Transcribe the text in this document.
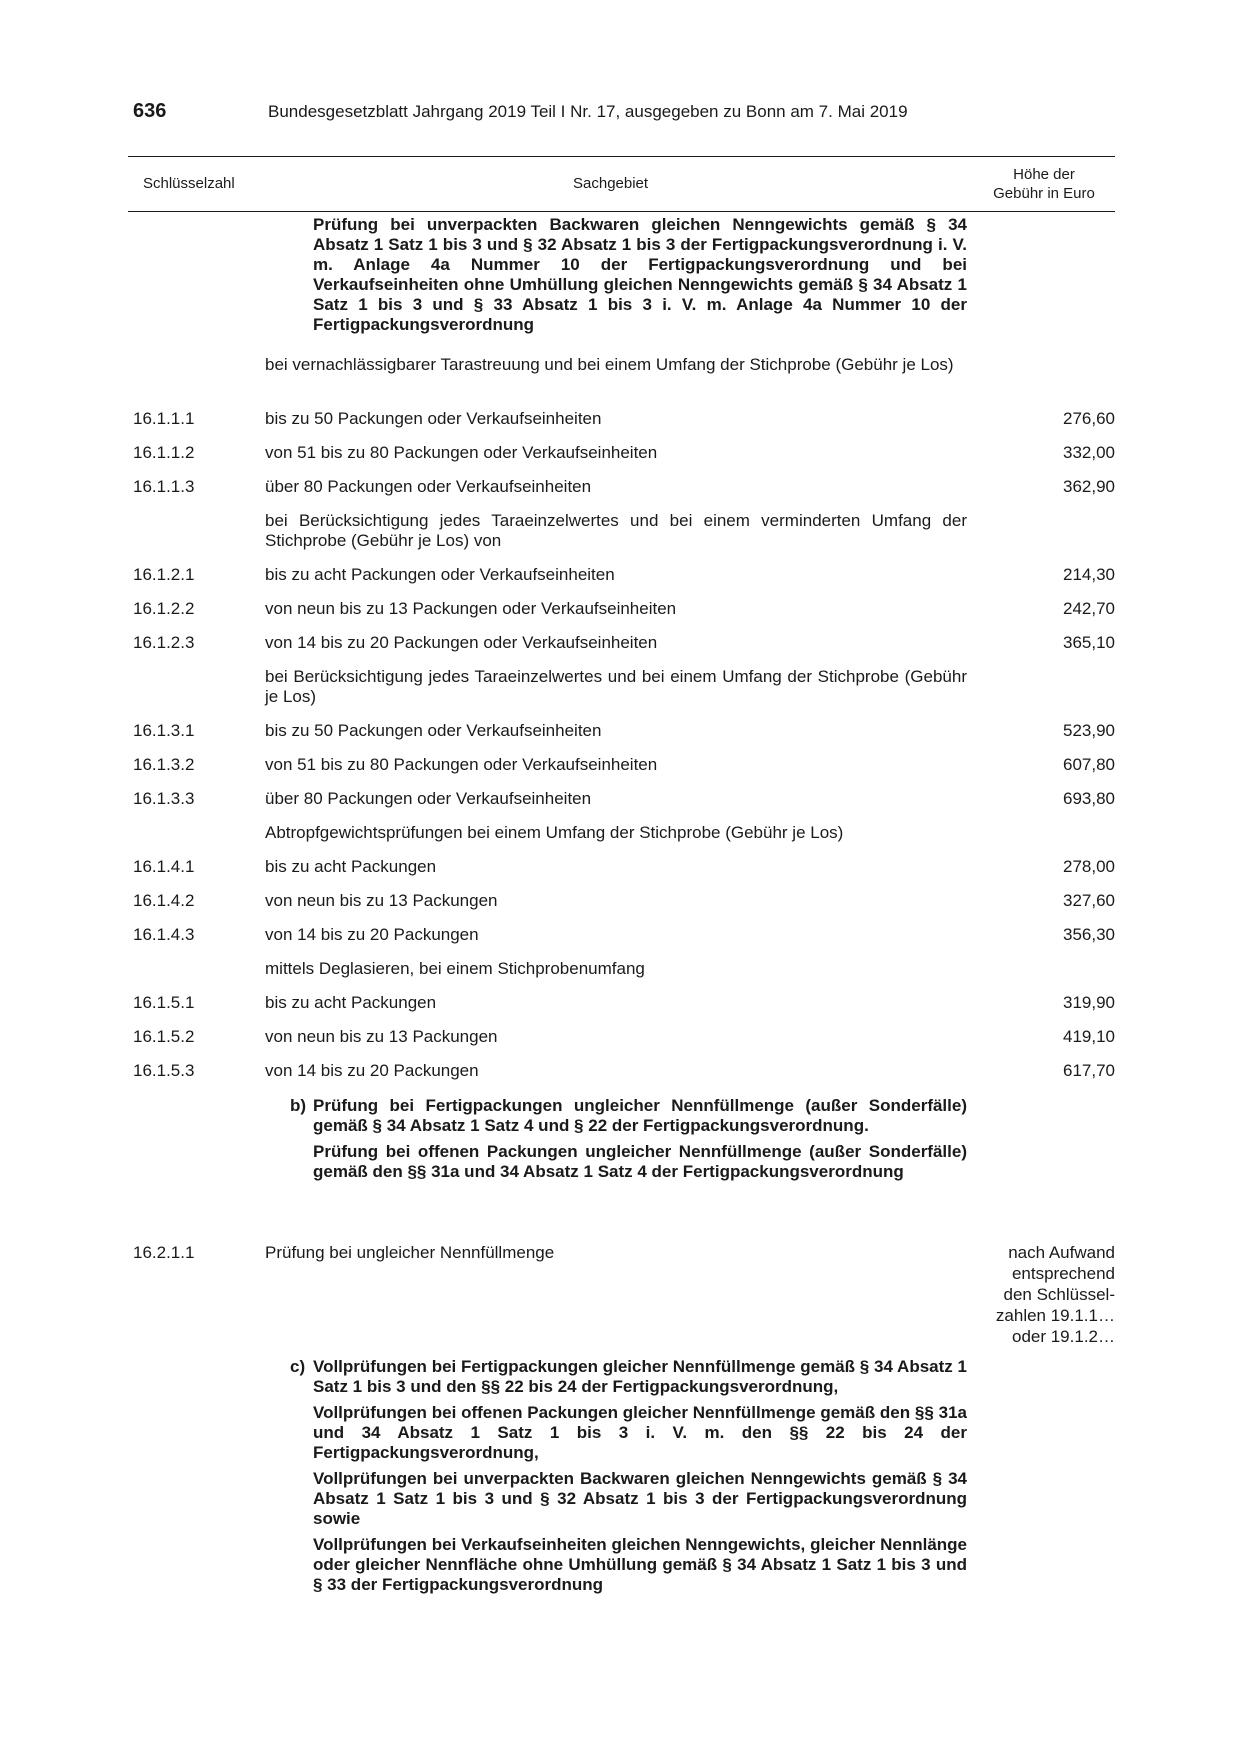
636	Bundesgesetzblatt Jahrgang 2019 Teil I Nr. 17, ausgegeben zu Bonn am 7. Mai 2019
Schlüsselzahl	Sachgebiet
Höhe der
Gebühr in Euro
Prüfung bei unverpackten Backwaren gleichen Nenngewichts gemäß § 34 Absatz 1 Satz 1 bis 3 und § 32 Absatz 1 bis 3 der Fertigpackungsverordnung i. V. m. Anlage 4a Nummer 10 der Fertigpackungsverordnung und bei Verkaufseinheiten ohne Umhüllung gleichen Nenngewichts gemäß § 34 Absatz 1 Satz 1 bis 3 und § 33 Absatz 1 bis 3 i. V. m. Anlage 4a Nummer 10 der Fertigpackungsverordnung
bei vernachlässigbarer Tarastreuung und bei einem Umfang der Stichprobe (Gebühr je Los)
16.1.1.1	bis zu 50 Packungen oder Verkaufseinheiten	276,60
16.1.1.2	von 51 bis zu 80 Packungen oder Verkaufseinheiten	332,00
16.1.1.3	über 80 Packungen oder Verkaufseinheiten	362,90
bei Berücksichtigung jedes Taraeinzelwertes und bei einem verminderten Umfang der Stichprobe (Gebühr je Los) von
16.1.2.1	bis zu acht Packungen oder Verkaufseinheiten	214,30
16.1.2.2	von neun bis zu 13 Packungen oder Verkaufseinheiten	242,70
16.1.2.3	von 14 bis zu 20 Packungen oder Verkaufseinheiten	365,10
bei Berücksichtigung jedes Taraeinzelwertes und bei einem Umfang der Stichprobe (Gebühr je Los)
16.1.3.1	bis zu 50 Packungen oder Verkaufseinheiten	523,90
16.1.3.2	von 51 bis zu 80 Packungen oder Verkaufseinheiten	607,80
16.1.3.3	über 80 Packungen oder Verkaufseinheiten	693,80
Abtropfgewichtsprüfungen bei einem Umfang der Stichprobe (Gebühr je Los)
16.1.4.1	bis zu acht Packungen	278,00
16.1.4.2	von neun bis zu 13 Packungen	327,60
16.1.4.3	von 14 bis zu 20 Packungen	356,30
mittels Deglasieren, bei einem Stichprobenumfang
16.1.5.1	bis zu acht Packungen	319,90
16.1.5.2	von neun bis zu 13 Packungen	419,10
16.1.5.3	von 14 bis zu 20 Packungen	617,70
b) Prüfung bei Fertigpackungen ungleicher Nennfüllmenge (außer Sonderfälle) gemäß § 34 Absatz 1 Satz 4 und § 22 der Fertigpackungsverordnung.
Prüfung bei offenen Packungen ungleicher Nennfüllmenge (außer Sonderfälle) gemäß den §§ 31a und 34 Absatz 1 Satz 4 der Fertigpackungsverordnung
16.2.1.1	Prüfung bei ungleicher Nennfüllmenge	nach Aufwand
entsprechend
den Schlüssel-
zahlen 19.1.1…
oder 19.1.2…
c) Vollprüfungen bei Fertigpackungen gleicher Nennfüllmenge gemäß § 34 Absatz 1 Satz 1 bis 3 und den §§ 22 bis 24 der Fertigpackungsverordnung,
Vollprüfungen bei offenen Packungen gleicher Nennfüllmenge gemäß den §§ 31a und 34 Absatz 1 Satz 1 bis 3 i. V. m. den §§ 22 bis 24 der Fertigpackungsverordnung,
Vollprüfungen bei unverpackten Backwaren gleichen Nenngewichts gemäß § 34 Absatz 1 Satz 1 bis 3 und § 32 Absatz 1 bis 3 der Fertigpackungsverordnung sowie
Vollprüfungen bei Verkaufseinheiten gleichen Nenngewichts, gleicher Nennlänge oder gleicher Nennfläche ohne Umhüllung gemäß § 34 Absatz 1 Satz 1 bis 3 und § 33 der Fertigpackungsverordnung
